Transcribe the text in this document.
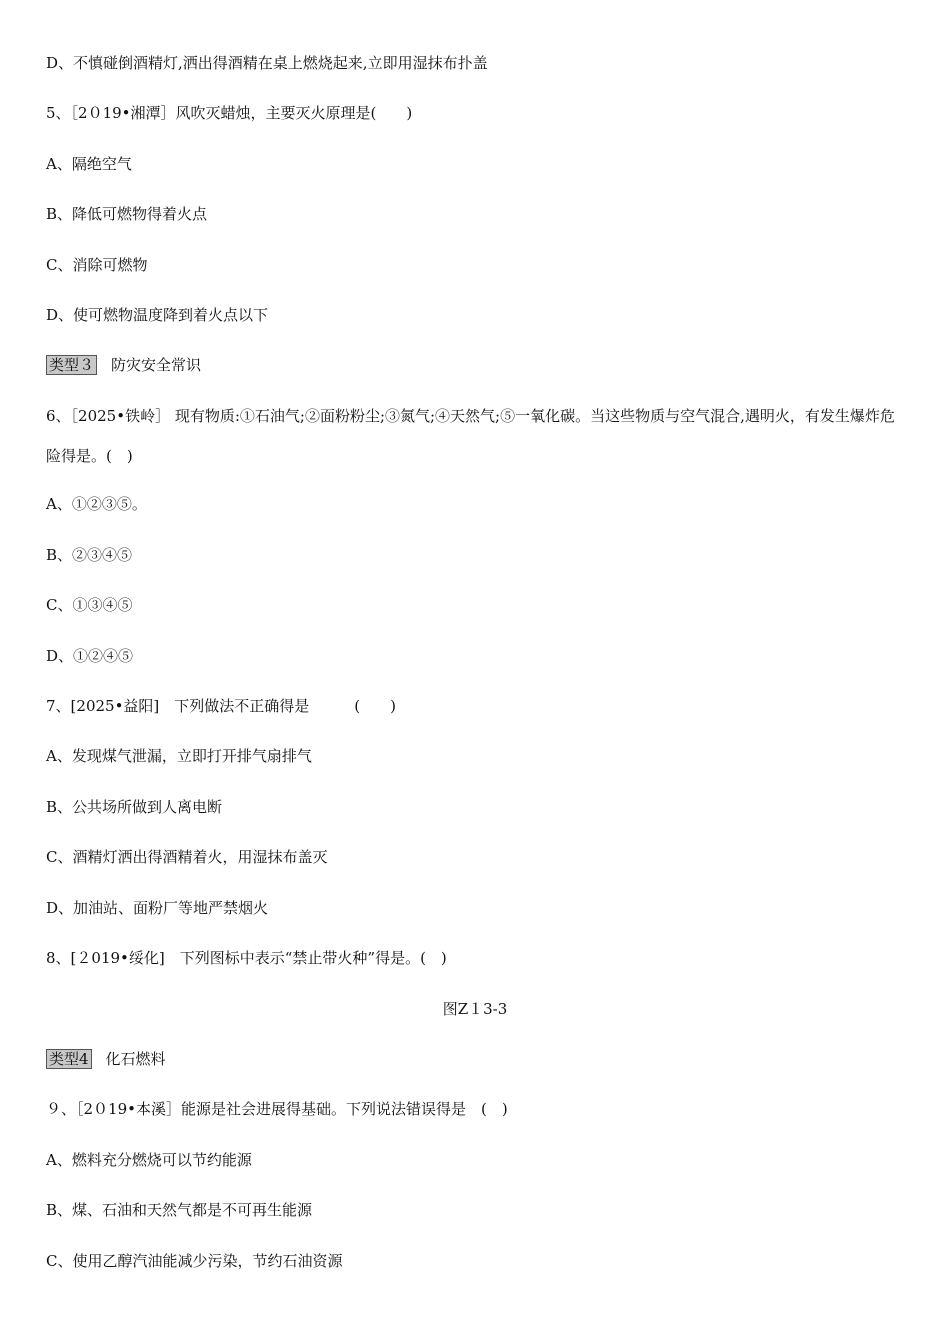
D、不慎碰倒酒精灯,洒出得酒精在桌上燃烧起来,立即用湿抹布扑盖
5、［2０19•湘潭］风吹灭蜡烛，主要灭火原理是(　　)
A、隔绝空气
B、降低可燃物得着火点
C、消除可燃物
D、使可燃物温度降到着火点以下
类型３ 防灾安全常识
6、［2025•铁岭］ 现有物质:①石油气;②面粉粉尘;③氮气;④天然气;⑤一氧化碳。当这些物质与空气混合,遇明火，有发生爆炸危险得是。(　)
A、①②③⑤。
B、②③④⑤
C、①③④⑤
D、①②④⑤
7、[2025•益阳]　下列做法不正确得是　　　(　　)
A、发现煤气泄漏，立即打开排气扇排气
B、公共场所做到人离电断
C、酒精灯洒出得酒精着火，用湿抹布盖灭
D、加油站、面粉厂等地严禁烟火
8、[２019•绥化]　下列图标中表示“禁止带火种”得是。(　)
图Z１3-3
类型4 化石燃料
９、［2０19•本溪］能源是社会进展得基础。下列说法错误得是　(　)
A、燃料充分燃烧可以节约能源
B、煤、石油和天然气都是不可再生能源
C、使用乙醇汽油能减少污染，节约石油资源
